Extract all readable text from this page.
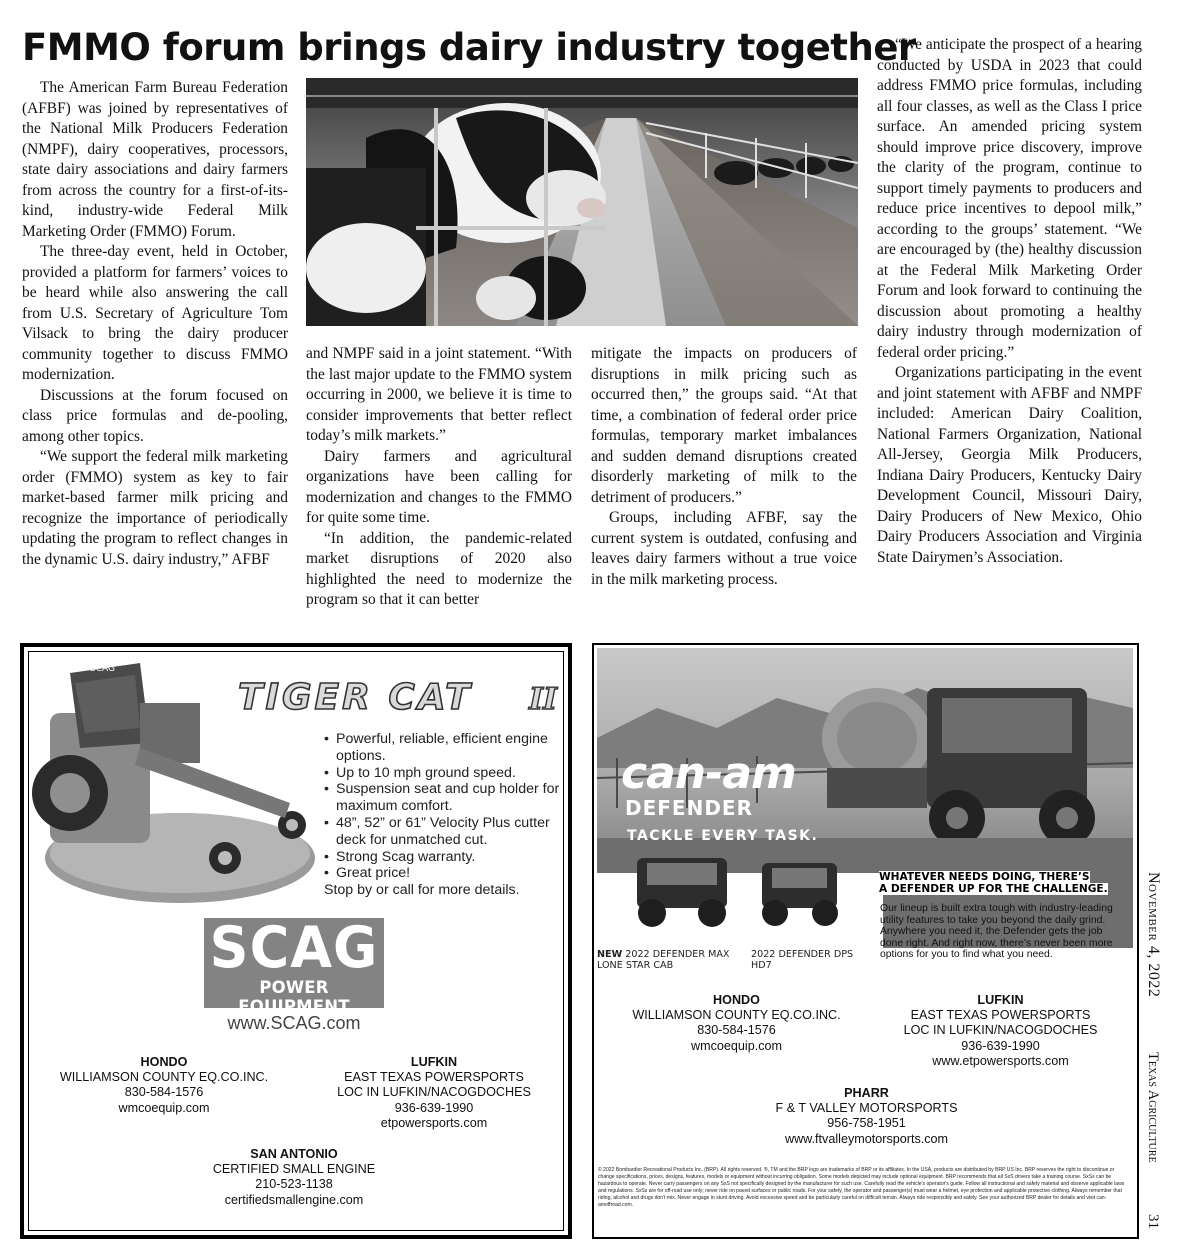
FMMO forum brings dairy industry together

The American Farm Bureau Federation (AFBF) was joined by representatives of the National Milk Producers Federation (NMPF), dairy cooperatives, processors, state dairy associations and dairy farmers from across the country for a first-of-its-kind, industry-wide Federal Milk Marketing Order (FMMO) Forum.

The three-day event, held in October, provided a platform for farmers’ voices to be heard while also answering the call from U.S. Secretary of Agriculture Tom Vilsack to bring the dairy producer community together to discuss FMMO modernization.

Discussions at the forum focused on class price formulas and de-pooling, among other topics.

“We support the federal milk marketing order (FMMO) system as key to fair market-based farmer milk pricing and recognize the importance of periodically updating the program to reflect changes in the dynamic U.S. dairy industry,” AFBF

and NMPF said in a joint statement. “With the last major update to the FMMO system occurring in 2000, we believe it is time to consider improvements that better reflect today’s milk markets.”

Dairy farmers and agricultural organizations have been calling for modernization and changes to the FMMO for quite some time.

“In addition, the pandemic-related market disruptions of 2020 also highlighted the need to modernize the program so that it can better

mitigate the impacts on producers of disruptions in milk pricing such as occurred then,” the groups said. “At that time, a combination of federal order price formulas, temporary market imbalances and sudden demand disruptions created disorderly marketing of milk to the detriment of producers.”

Groups, including AFBF, say the current system is outdated, confusing and leaves dairy farmers without a true voice in the milk marketing process.

“We anticipate the prospect of a hearing conducted by USDA in 2023 that could address FMMO price formulas, including all four classes, as well as the Class I price surface. An amended pricing system should improve price discovery, improve the clarity of the program, continue to support timely payments to producers and reduce price incentives to depool milk,” according to the groups’ statement. “We are encouraged by (the) healthy discussion at the Federal Milk Marketing Order Forum and look forward to continuing the discussion about promoting a healthy dairy industry through modernization of federal order pricing.”

Organizations participating in the event and joint statement with AFBF and NMPF included: American Dairy Coalition, National Farmers Organization, National All-Jersey, Georgia Milk Producers, Indiana Dairy Producers, Kentucky Dairy Development Council, Missouri Dairy, Dairy Producers of New Mexico, Ohio Dairy Producers Association and Virginia State Dairymen’s Association.

SCAG
TIGER CAT II
• Powerful, reliable, efficient engine options.
• Up to 10 mph ground speed.
• Suspension seat and cup holder for maximum comfort.
• 48”, 52” or 61” Velocity Plus cutter deck for unmatched cut.
• Strong Scag warranty.
• Great price!
Stop by or call for more details.
SCAG
POWER EQUIPMENT
www.SCAG.com
HONDO
WILLIAMSON COUNTY EQ.CO.INC.
830-584-1576
wmcoequip.com
LUFKIN
EAST TEXAS POWERSPORTS
LOC IN LUFKIN/NACOGDOCHES
936-639-1990
etpowersports.com
SAN ANTONIO
CERTIFIED SMALL ENGINE
210-523-1138
certifiedsmallengine.com
can-am
DEFENDER
TACKLE EVERY TASK.
WHATEVER NEEDS DOING, THERE’S
A DEFENDER UP FOR THE CHALLENGE.
Our lineup is built extra tough with industry-leading utility features to take you beyond the daily grind. Anywhere you need it, the Defender gets the job done right. And right now, there’s never been more options for you to find what you need.
NEW 2022 DEFENDER MAX
LONE STAR CAB
2022 DEFENDER DPS
HD7
HONDO
WILLIAMSON COUNTY EQ.CO.INC.
830-584-1576
wmcoequip.com
LUFKIN
EAST TEXAS POWERSPORTS
LOC IN LUFKIN/NACOGDOCHES
936-639-1990
www.etpowersports.com
PHARR
F & T VALLEY MOTORSPORTS
956-758-1951
www.ftvalleymotorsports.com
© 2022 Bombardier Recreational Products Inc. (BRP). All rights reserved. ®, TM and the BRP logo are trademarks of BRP or its affiliates. In the USA, products are distributed by BRP US Inc. BRP reserves the right to discontinue or change specifications, prices, designs, features, models or equipment without incurring obligation. Some models depicted may include optional equipment. BRP recommends that all SxS drivers take a training course. SxSs can be hazardous to operate. Never carry passengers on any SxS not specifically designed by the manufacturer for such use. Carefully read the vehicle's operator's guide. Follow all instructional and safety material and observe applicable laws and regulations. SxSs are for off-road use only; never ride on paved surfaces or public roads. For your safety, the operator and passenger(s) must wear a helmet, eye protection and applicable protective clothing. Always remember that riding, alcohol and drugs don't mix. Never engage in stunt driving. Avoid excessive speed and be particularly careful on difficult terrain. Always ride responsibly and safely. See your authorized BRP dealer for details and visit can-amoffroad.com.
November 4, 2022
Texas Agriculture
31
